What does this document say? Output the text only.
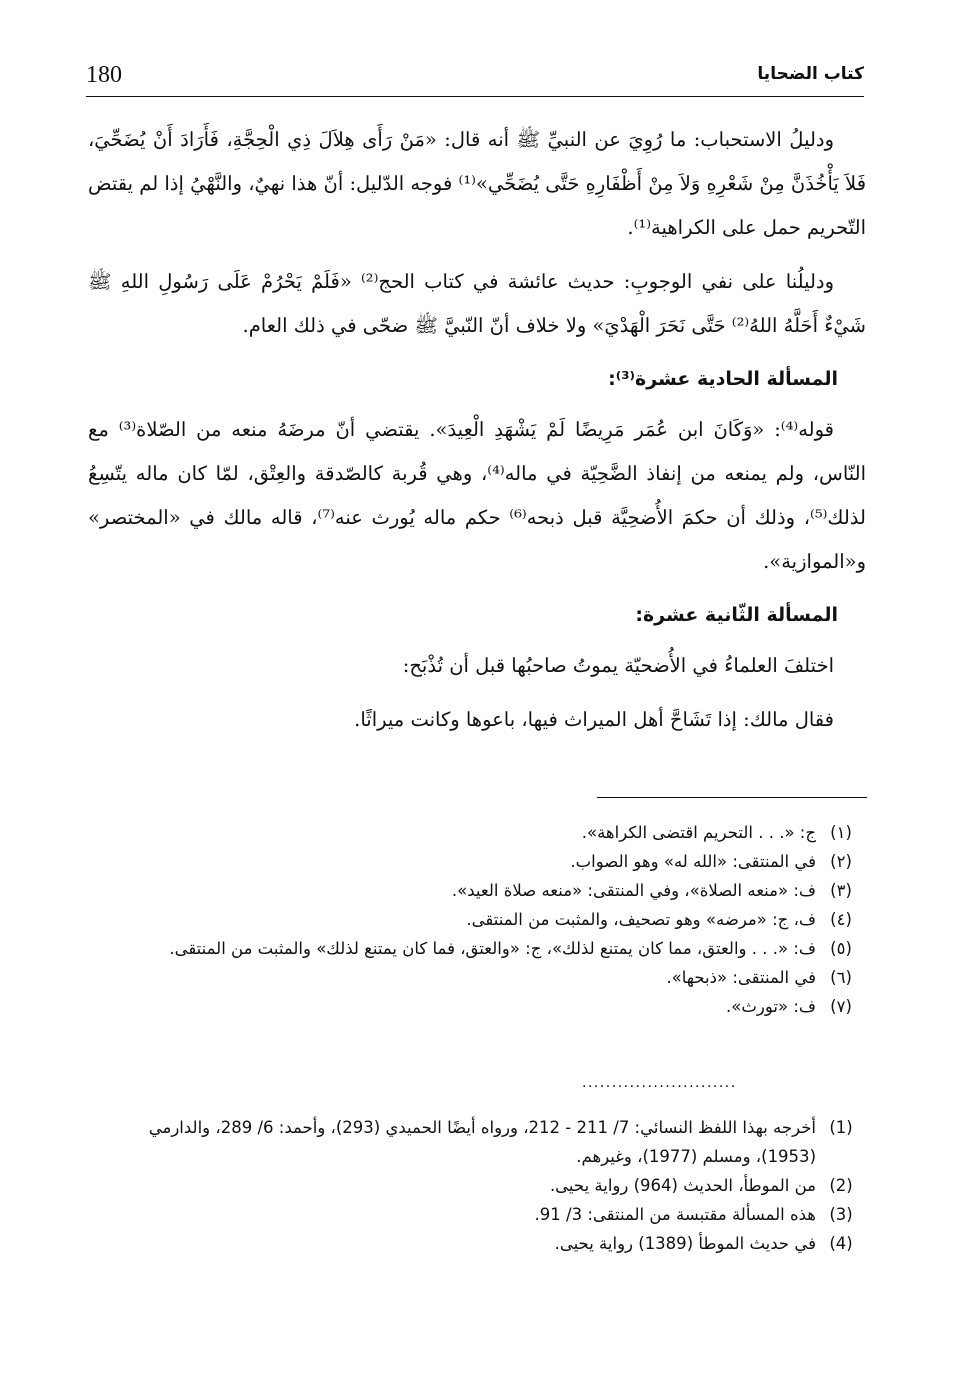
180	كتاب الضحايا

ودليلُ الاستحباب: ما رُوِيَ عن النبيِّ ﷺ أنه قال: «مَنْ رَأَى هِلاَلَ ذِي الْحِجَّةِ، فَأَرَادَ أَنْ يُضَحِّيَ، فَلاَ يَأْخُذَنَّ مِنْ شَعْرِهِ وَلاَ مِنْ أَظْفَارِهِ حَتَّى يُضَحِّي»⁽¹⁾ فوجه الدّليل: أنّ هذا نهيٌ، والنَّهْيُ إذا لم يقتض التّحريم حمل على الكراهية⁽¹⁾.

ودليلُنا على نفي الوجوبِ: حديث عائشة في كتاب الحج⁽²⁾ «فَلَمْ يَحْرُمْ عَلَى رَسُولِ اللهِ ﷺ شَيْءٌ أَحَلَّهُ اللهُ⁽²⁾ حَتَّى نَحَرَ الْهَدْيَ» ولا خلاف أنّ النّبيَّ ﷺ ضحّى في ذلك العام.

المسألة الحادية عشرة⁽³⁾:

قوله⁽⁴⁾: «وَكَانَ ابن عُمَر مَرِيضًا لَمْ يَشْهَدِ الْعِيدَ». يقتضي أنّ مرضَهُ منعه من الصّلاة⁽³⁾ مع النّاس، ولم يمنعه من إنفاذ الضَّحِيّة في ماله⁽⁴⁾، وهي قُربة كالصّدقة والعِتْق، لمّا كان ماله يتّسِعُ لذلك⁽⁵⁾، وذلك أن حكمَ الأُضحِيَّة قبل ذبحه⁽⁶⁾ حكم ماله يُورث عنه⁽⁷⁾، قاله مالك في «المختصر» و«الموازية».

المسألة الثّانية عشرة:

اختلفَ العلماءُ في الأُضحيّة يموتُ صاحبُها قبل أن تُذْبَح:

فقال مالك: إذا تَشَاحَّ أهل الميراث فيها، باعوها وكانت ميراثًا.

(١)
ج: «. . . التحريم اقتضى الكراهة».
(٢)
في المنتقى: «الله له» وهو الصواب.
(٣)
ف: «منعه الصلاة»، وفي المنتقى: «منعه صلاة العيد».
(٤)
ف، ج: «مرضه» وهو تصحيف، والمثبت من المنتقى.
(٥)
ف: «. . . والعتق، مما كان يمتنع لذلك»، ج: «والعتق، فما كان يمتنع لذلك» والمثبت من المنتقى.
(٦)
في المنتقى: «ذبحها».
(٧)
ف: «تورث».
..........................
(1)
أخرجه بهذا اللفظ النسائي: 7/ 211 - 212، ورواه أيضًا الحميدي (293)، وأحمد: 6/ 289، والدارمي (1953)، ومسلم (1977)، وغيرهم.
(2)
من الموطأ، الحديث (964) رواية يحيى.
(3)
هذه المسألة مقتبسة من المنتقى: 3/ 91.
(4)
في حديث الموطأ (1389) رواية يحيى.
